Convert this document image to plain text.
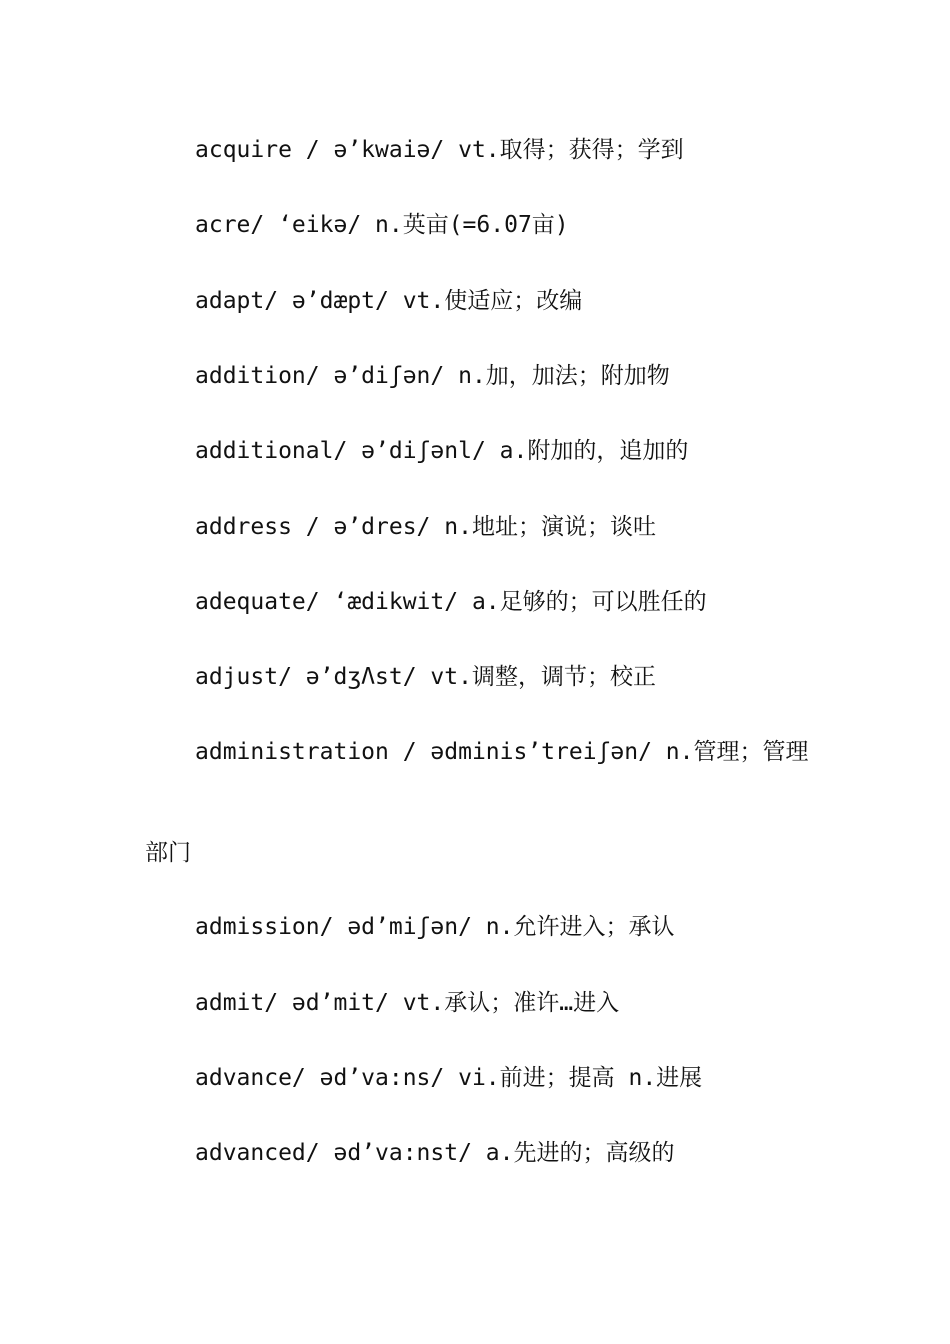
acquire / ə’kwaiə/ vt.取得；获得；学到
acre/ ‘eikə/ n.英亩(=6.07亩)
adapt/ ə’dæpt/ vt.使适应；改编
addition/ ə’diʃən/ n.加，加法；附加物
additional/ ə’diʃənl/ a.附加的，追加的
address / ə’dres/ n.地址；演说；谈吐
adequate/ ‘ædikwit/ a.足够的；可以胜任的
adjust/ ə’dʒΛst/ vt.调整，调节；校正
administration / ədminis’treiʃən/ n.管理；管理
部门
admission/ əd’miʃən/ n.允许进入；承认
admit/ əd’mit/ vt.承认；准许…进入
advance/ əd’va:ns/ vi.前进；提高 n.进展
advanced/ əd’va:nst/ a.先进的；高级的
